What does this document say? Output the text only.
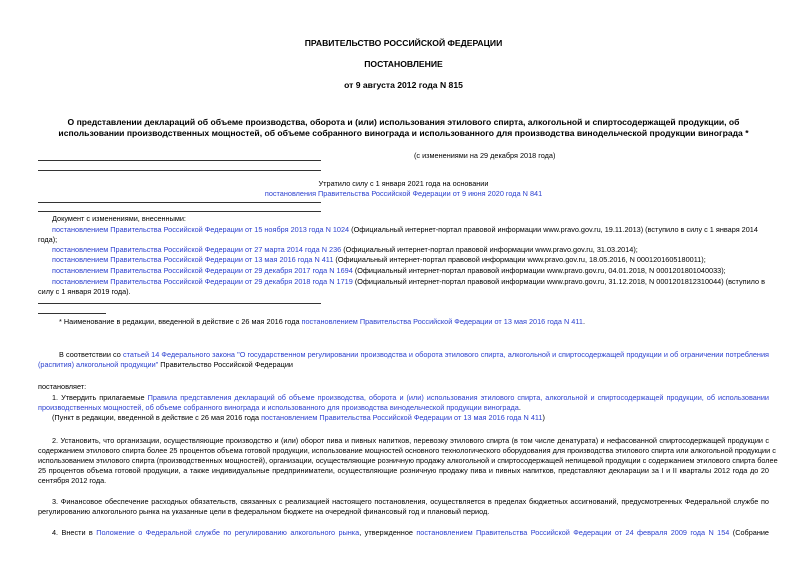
ПРАВИТЕЛЬСТВО РОССИЙСКОЙ ФЕДЕРАЦИИ
ПОСТАНОВЛЕНИЕ
от 9 августа 2012 года N 815
О представлении деклараций об объеме производства, оборота и (или) использования этилового спирта, алкогольной и спиртосодержащей продукции, об
использовании производственных мощностей, об объеме собранного винограда и использованного для производства винодельческой продукции винограда *
(с изменениями на 29 декабря 2018 года)
Утратило силу с 1 января 2021 года на основании
постановления Правительства Российской Федерации от 9 июня 2020 года N 841
Документ с изменениями, внесенными:
постановлением Правительства Российской Федерации от 15 ноября 2013 года N 1024 (Официальный интернет-портал правовой информации www.pravo.gov.ru, 19.11.2013) (вступило в силу с 1 января 2014
года);
постановлением Правительства Российской Федерации от 27 марта 2014 года N 236 (Официальный интернет-портал правовой информации www.pravo.gov.ru, 31.03.2014);
постановлением Правительства Российской Федерации от 13 мая 2016 года N 411 (Официальный интернет-портал правовой информации www.pravo.gov.ru, 18.05.2016, N 0001201605180011);
постановлением Правительства Российской Федерации от 29 декабря 2017 года N 1694 (Официальный интернет-портал правовой информации www.pravo.gov.ru, 04.01.2018, N 0001201801040033);
постановлением Правительства Российской Федерации от 29 декабря 2018 года N 1719 (Официальный интернет-портал правовой информации www.pravo.gov.ru, 31.12.2018, N 0001201812310044) (вступило в
силу с 1 января 2019 года).
* Наименование в редакции, введенной в действие с 26 мая 2016 года постановлением Правительства Российской Федерации от 13 мая 2016 года N 411.
В соответствии со статьей 14 Федерального закона "О государственном регулировании производства и оборота этилового спирта, алкогольной и спиртосодержащей продукции и об ограничении потребления
(распития) алкогольной продукции" Правительство Российской Федерации
постановляет:
1. Утвердить прилагаемые Правила представления деклараций об объеме производства, оборота и (или) использования этилового спирта, алкогольной и спиртосодержащей продукции, об использовании
производственных мощностей, об объеме собранного винограда и использованного для производства винодельческой продукции винограда.
(Пункт в редакции, введенной в действие с 26 мая 2016 года постановлением Правительства Российской Федерации от 13 мая 2016 года N 411)
2. Установить, что организации, осуществляющие производство и (или) оборот пива и пивных напитков, перевозку этилового спирта (в том числе денатурата) и нефасованной спиртосодержащей продукции с
содержанием этилового спирта более 25 процентов объема готовой продукции, использование мощностей основного технологического оборудования для производства этилового спирта или алкогольной продукции с
использованием этилового спирта (производственных мощностей), организации, осуществляющие розничную продажу алкогольной и спиртосодержащей непищевой продукции с содержанием этилового спирта более
25 процентов объема готовой продукции, а также индивидуальные предприниматели, осуществляющие розничную продажу пива и пивных напитков, представляют декларации за I и II кварталы 2012 года до 20
сентября 2012 года.
3. Финансовое обеспечение расходных обязательств, связанных с реализацией настоящего постановления, осуществляется в пределах бюджетных ассигнований, предусмотренных Федеральной службе по
регулированию алкогольного рынка на указанные цели в федеральном бюджете на очередной финансовый год и плановый период.
4. Внести в Положение о Федеральной службе по регулированию алкогольного рынка, утвержденное постановлением Правительства Российской Федерации от 24 февраля 2009 года N 154 (Собрание
